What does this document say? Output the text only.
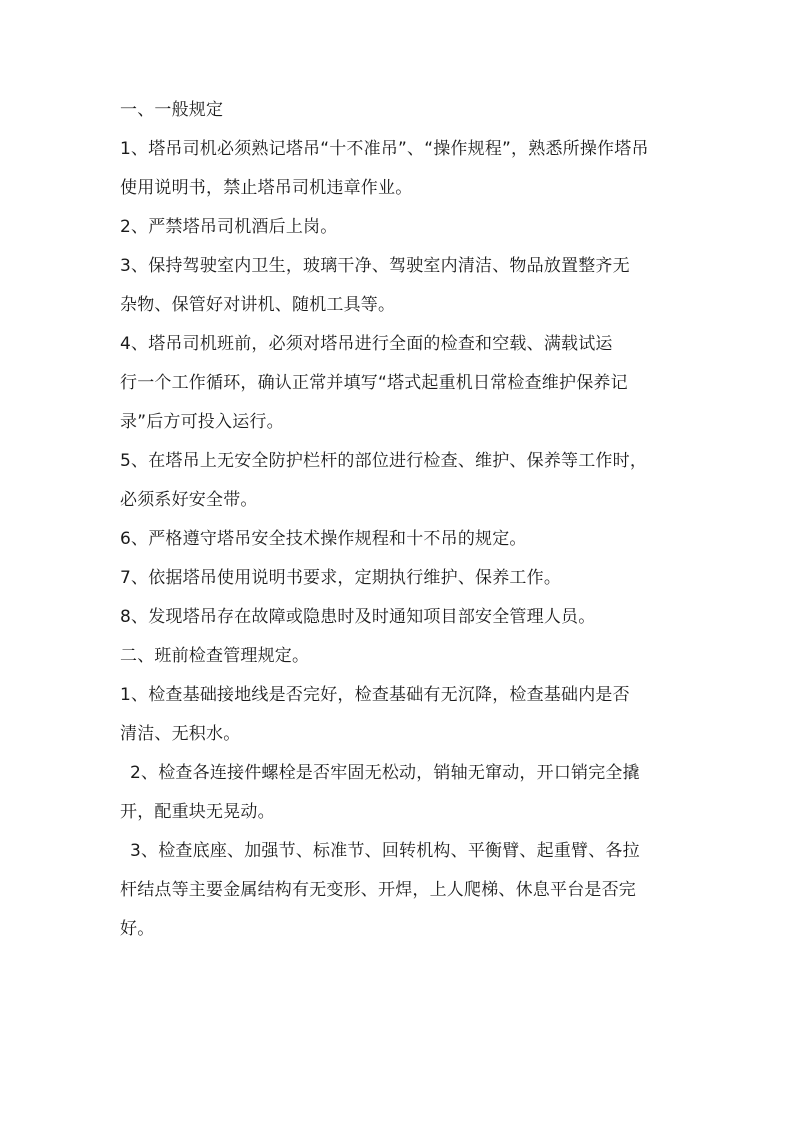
一、一般规定
1、塔吊司机必须熟记塔吊“十不准吊”、“操作规程”，熟悉所操作塔吊
使用说明书，禁止塔吊司机违章作业。
2、严禁塔吊司机酒后上岗。
3、保持驾驶室内卫生，玻璃干净、驾驶室内清洁、物品放置整齐无
杂物、保管好对讲机、随机工具等。
4、塔吊司机班前，必须对塔吊进行全面的检查和空载、满载试运
行一个工作循环，确认正常并填写“塔式起重机日常检查维护保养记
录”后方可投入运行。
5、在塔吊上无安全防护栏杆的部位进行检查、维护、保养等工作时，
必须系好安全带。
6、严格遵守塔吊安全技术操作规程和十不吊的规定。
7、依据塔吊使用说明书要求，定期执行维护、保养工作。
8、发现塔吊存在故障或隐患时及时通知项目部安全管理人员。
二、班前检查管理规定。
1、检查基础接地线是否完好，检查基础有无沉降，检查基础内是否
清洁、无积水。
2、检查各连接件螺栓是否牢固无松动，销轴无窜动，开口销完全撬
开，配重块无晃动。
3、检查底座、加强节、标准节、回转机构、平衡臂、起重臂、各拉
杆结点等主要金属结构有无变形、开焊，上人爬梯、休息平台是否完
好。
